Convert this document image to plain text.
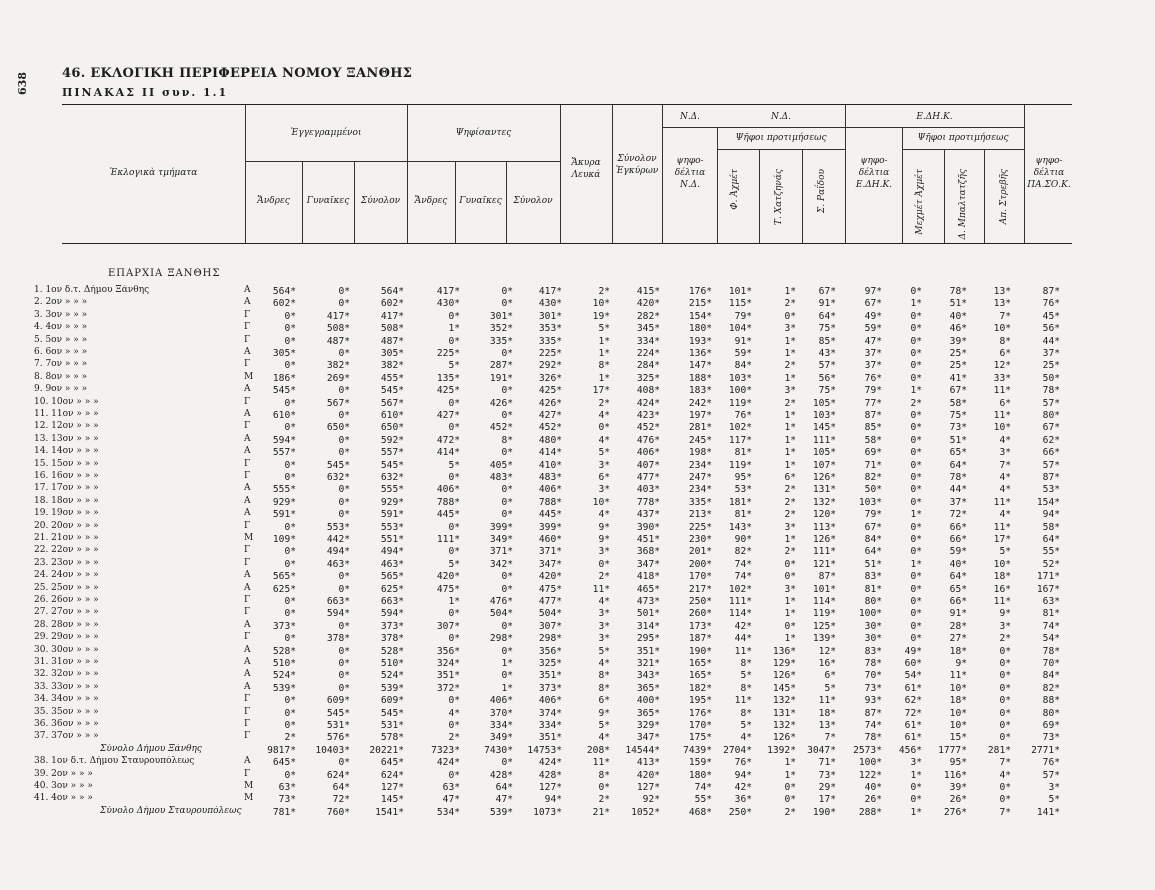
638	46. ΕΚΛΟΓΙΚΗ ΠΕΡΙΦΕΡΕΙΑ ΝΟΜΟΥ ΞΑΝΘΗΣ
ΠΙΝΑΚΑΣ ΙΙ συν. 1.1
Ἐκλογικὰ τμήματα
Ἐγγεγραμμένοι	Ψηφίσαντες
Ἄνδρες	Γυναῖκες	Σύνολον	Ἄνδρες	Γυναῖκες	Σύνολον
Ἄκυρα Λευκά
Σύνολον Ἐγκύρων
Ν.Δ.	Ν.Δ.
ψηφο-δέλτια Ν.Δ.
Ψῆφοι προτιμήσεως
Φ. Ἀχμέτ	Τ. Χατζηνάς	Σ. Ραΐδου
Ε.ΔΗ.Κ.
ψηφο-δέλτια Ε.ΔΗ.Κ.
Ψῆφοι προτιμήσεως
Μεχμέτ Ἀχμέτ	Δ. Μπαλτατζῆς	Απ. Στρεβῆς
ψηφο-δέλτια ΠΑ.ΣΟ.Κ.
ΕΠΑΡΧΙΑ ΞΑΝΘΗΣ
1. 1ον δ.τ. Δήμου Ξάνθης	Α	564*	0*	564*	417*	0*	417*	2*	415*	176* 101*	1* 67*	97*	0*	78*	13*	87*
2. 2ον » » »	Α	602*	0*	602*	430*	0*	430*	10*	420*	215* 115*	2* 91*	67*	1*	51*	13*	76*
3. 3ον » » »	Γ	0*	417*	417*	0*	301*	301*	19*	282*	154* 79*	0* 64*	49*	0*	40*	7*	45*
4. 4ον » » »	Γ	0*	508*	508*	1*	352*	353*	5*	345*	180* 104*	3* 75*	59*	0*	46*	10*	56*
5. 5ον » » »	Γ	0*	487*	487*	0*	335*	335*	1*	334*	193* 91*	1* 85*	47*	0*	39*	8*	44*
6. 6ον » » »	Α	305*	0*	305*	225*	0*	225*	1*	224*	136* 59*	1* 43*	37*	0*	25*	6*	37*
7. 7ον » » »	Γ	0*	382*	382*	5*	287*	292*	8*	284*	147* 84*	2* 57*	37*	0*	25*	12*	25*
8. 8ον » » »	Μ 186*	269*	455*	135*	191*	326*	1*	325*	188* 103*	1* 56*	76*	0*	41*	33*	50*
9. 9ον » » »	Α	545*	0*	545*	425*	0*	425*	17*	408*	183* 100*	3* 75*	79*	1*	67*	11*	78*
10. 10ον » » »	Γ	0*	567*	567*	0*	426*	426*	2*	424*	242* 119*	2* 105*	77*	2*	58*	6*	57*
11. 11ον » » »	Α	610*	0*	610*	427*	0*	427*	4*	423*	197* 76*	1* 103*	87*	0*	75*	11*	80*
12. 12ον » » »	Γ	0*	650*	650*	0*	452*	452*	0*	452*	281* 102*	1* 145*	85*	0*	73*	10*	67*
13. 13ον » » »	Α	594*	0*	592*	472*	8*	480*	4*	476*	245* 117*	1* 111*	58*	0*	51*	4*	62*
14. 14ον » » »	Α	557*	0*	557*	414*	0*	414*	5*	406*	198* 81*	1* 105*	69*	0*	65*	3*	66*
15. 15ον » » »	Γ	0*	545*	545*	5*	405*	410*	3*	407*	234* 119*	1* 107*	71*	0*	64*	7*	57*
16. 16ον » » »	Γ	0*	632*	632*	0*	483*	483*	6*	477*	247* 95*	6* 126*	82*	0*	78*	4*	87*
17. 17ον » » »	Α	555*	0*	555*	406*	0*	406*	3*	403*	234* 53*	2* 131*	50*	0*	44*	4*	53*
18. 18ον » » »	Α	929*	0*	929*	788*	0*	788*	10*	778*	335* 181*	2* 132* 103*	0*	37*	11*	154*
19. 19ον » » »	Α	591*	0*	591*	445*	0*	445*	4*	437*	213* 81*	2* 120*	79*	1*	72*	4*	94*
20. 20ον » » »	Γ	0*	553*	553*	0*	399*	399*	9*	390*	225* 143*	3* 113*	67*	0*	66*	11*	58*
21. 21ον » » »	Μ 109*	442*	551*	111*	349*	460*	9*	451*	230* 90*	1* 126*	84*	0*	66*	17*	64*
22. 22ον » » »	Γ	0*	494*	494*	0*	371*	371*	3*	368*	201* 82*	2* 111*	64*	0*	59*	5*	55*
23. 23ον » » »	Γ	0*	463*	463*	5*	342*	347*	0*	347*	200* 74*	0* 121*	51*	1*	40*	10*	52*
24. 24ον » » »	Α	565*	0*	565*	420*	0*	420*	2*	418*	170* 74*	0* 87*	83*	0*	64*	18*	171*
25. 25ον » » »	Α	625*	0*	625*	475*	0*	475*	11*	465*	217* 102*	3* 101*	81*	0*	65*	16*	167*
26. 26ον » » »	Γ	0*	663*	663*	1*	476*	477*	4*	473*	250* 111*	1* 114*	80*	0*	66*	11*	63*
27. 27ον » » »	Γ	0*	594*	594*	0*	504*	504*	3*	501*	260* 114*	1* 119* 100*	0*	91*	9*	81*
28. 28ον » » »	Α	373*	0*	373*	307*	0*	307*	3*	314*	173* 42*	0* 125*	30*	0*	28*	3*	74*
29. 29ον » » »	Γ	0*	378*	378*	0*	298*	298*	3*	295*	187* 44*	1* 139*	30*	0*	27*	2*	54*
30. 30ον » » »	Α	528*	0*	528*	356*	0*	356*	5*	351*	190* 11* 136* 12*	83* 49*	18*	0*	78*
31. 31ον » » »	Α	510*	0*	510*	324*	1*	325*	4*	321*	165*	8* 129* 16*	78* 60*	9*	0*	70*
32. 32ον » » »	Α	524*	0*	524*	351*	0*	351*	8*	343*	165*	5* 126*	6*	70* 54*	11*	0*	84*
33. 33ον » » »	Α	539*	0*	539*	372*	1*	373*	8*	365*	182*	8* 145*	5*	73* 61*	10*	0*	82*
34. 34ον » » »	Γ	0*	609*	609*	0*	406*	406*	6*	400*	195* 11* 132* 11*	93* 62*	18*	0*	88*
35. 35ον » » »	Γ	0*	545*	545*	4*	370*	374*	9*	365*	176*	8* 131* 18*	87* 72*	10*	0*	80*
36. 36ον » » »	Γ	0*	531*	531*	0*	334*	334*	5*	329*	170*	5* 132* 13*	74* 61*	10*	0*	69*
37. 37ον » » »	Γ	2*	576*	578*	2*	349*	351*	4*	347*	175*	4* 126*	7*	78* 61*	15*	0*	73*
Σύνολο Δήμου Ξάνθης	9817* 10403* 20221*	7323*	7430* 14753*	208* 14544* 7439* 2704* 1392* 3047* 2573* 456* 1777* 281* 2771*
38. 1ον δ.τ. Δήμου Σταυρουπόλεως	Α	645*	0*	645*	424*	0*	424*	11*	413*	159* 76*	1* 71* 100*	3*	95*	7*	76*
39. 2ον » » »	Γ	0*	624*	624*	0*	428*	428*	8*	420*	180* 94*	1* 73* 122*	1* 116*	4*	57*
40. 3ον » » »	Μ	63*	64*	127*	63*	64*	127*	0*	127*	74* 42*	0* 29*	40*	0*	39*	0*	3*
41. 4ον » » »	Μ	73*	72*	145*	47*	47*	94*	2*	92*	55* 36*	0* 17*	26*	0*	26*	0*	5*
Σύνολο Δήμου Σταυρουπόλεως	781*	760*	1541*	534*	539* 1073*	21* 1052*	468* 250*	2* 190* 288*	1* 276*	7*	141*
